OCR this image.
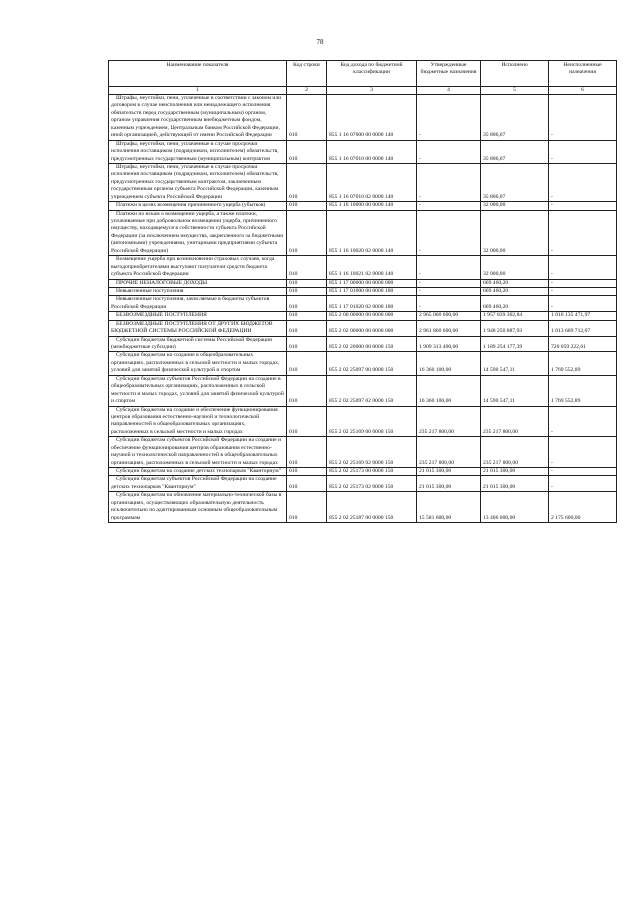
78
Наименование показателя	Код строки	Код дохода по бюджетной классификации	Утвержденные бюджетные назначения	Исполнено	Неисполненные назначения
1	2	3	4	5	6

Штрафы, неустойки, пени, уплаченные в соответствии с законом или договором в случае неисполнения или ненадлежащего исполнения обязательств перед государственным (муниципальным) органом, органом управления государственным внебюджетным фондом, казенным учреждением, Центральным банком Российской Федерации, иной организацией, действующей от имени Российской Федерации	010	855 1 16 07000 00 0000 140	-	35 806,07	-

Штрафы, неустойки, пени, уплаченные в случае просрочки исполнения поставщиком (подрядчиком, исполнителем) обязательств, предусмотренных государственным (муниципальным) контрактом	010	855 1 16 07010 00 0000 140	-	35 806,07	-

Штрафы, неустойки, пени, уплаченные в случае просрочки исполнения поставщиком (подрядчиком, исполнителем) обязательств, предусмотренных государственным контрактом, заключенным государственным органом субъекта Российской Федерации, казенным учреждением субъекта Российской Федерации	010	855 1 16 07010 02 0000 140	-	35 806,07	-

Платежи в целях возмещения причиненного ущерба (убытков)	010	855 1 16 10000 00 0000 140	-	32 000,00	-

Платежи по искам о возмещении ущерба, а также платежи, уплачиваемые при добровольном возмещении ущерба, причиненного имуществу, находящемуся в собственности субъекта Российской Федерации (за исключением имущества, закрепленного за бюджетными (автономными) учреждениями, унитарными предприятиями субъекта Российской Федерации)	010	855 1 16 10020 02 0000 140	-	32 000,00	-

Возмещение ущерба при возникновении страховых случаев, когда выгодоприобретателями выступают получатели средств бюджета субъекта Российской Федерации	010	855 1 16 10021 02 0000 140	-	32 000,00	-

ПРОЧИЕ НЕНАЛОГОВЫЕ ДОХОДЫ	010	855 1 17 00000 00 0000 000	-	669 460,20	-

Невыясненные поступления	010	855 1 17 01000 00 0000 180	-	669 460,20	-

Невыясненные поступления, зачисляемые в бюджеты субъектов Российской Федерации	010	855 1 17 01020 02 0000 180	-	669 460,20	-

БЕЗВОЗМЕЗДНЫЕ ПОСТУПЛЕНИЯ	010	855 2 00 00000 00 0000 000	2 965 060 600,00	1 957 839 302,84	1 016 135 471,97

БЕЗВОЗМЕЗДНЫЕ ПОСТУПЛЕНИЯ ОТ ДРУГИХ БЮДЖЕТОВ БЮДЖЕТНОЙ СИСТЕМЫ РОССИЙСКОЙ ФЕДЕРАЦИИ	010	855 2 02 00000 00 0000 000	2 961 860 600,00	1 948 250 887,93	1 013 609 712,07

Субсидии бюджетам бюджетной системы Российской Федерации (межбюджетные субсидии)	010	855 2 02 20000 00 0000 150	1 909 313 400,00	1 189 254 177,39	720 059 222,61

Субсидии бюджетам на создание в общеобразовательных организациях, расположенных в сельской местности и малых городах, условий для занятий физической культурой и спортом	010	855 2 02 25097 00 0000 150	16 360 100,00	14 590 547,11	1 769 552,89

Субсидии бюджетам субъектов Российской Федерации на создание в общеобразовательных организациях, расположенных в сельской местности и малых городах, условий для занятий физической культурой и спортом	010	855 2 02 25097 02 0000 150	16 360 100,00	14 590 547,11	1 769 552,89

Субсидии бюджетам на создание и обеспечение функционирования центров образования естественно-научной и технологической направленностей в общеобразовательных организациях, расположенных в сельской местности и малых городах	010	855 2 02 25169 00 0000 150	235 217 800,00	235 217 800,00	-

Субсидии бюджетам субъектов Российской Федерации на создание и обеспечение функционирования центров образования естественно-научной и технологической направленностей в общеобразовательных организациях, расположенных в сельской местности и малых городах	010	855 2 02 25169 02 0000 150	235 217 800,00	235 217 800,00	-

Субсидии бюджетам на создание детских технопарков "Кванториум"	010	855 2 02 25173 00 0000 150	21 015 300,00	21 015 300,00	-

Субсидии бюджетам субъектов Российской Федерации на создание детских технопарков "Кванториум"	010	855 2 02 25173 02 0000 150	21 015 300,00	21 015 300,00	-

Субсидии бюджетам на обновление материально-технической базы в организациях, осуществляющих образовательную деятельность исключительно по адаптированным основным общеобразовательным программам	010	855 2 02 25187 00 0000 150	15 581 600,00	13 406 000,00	2 175 600,00
